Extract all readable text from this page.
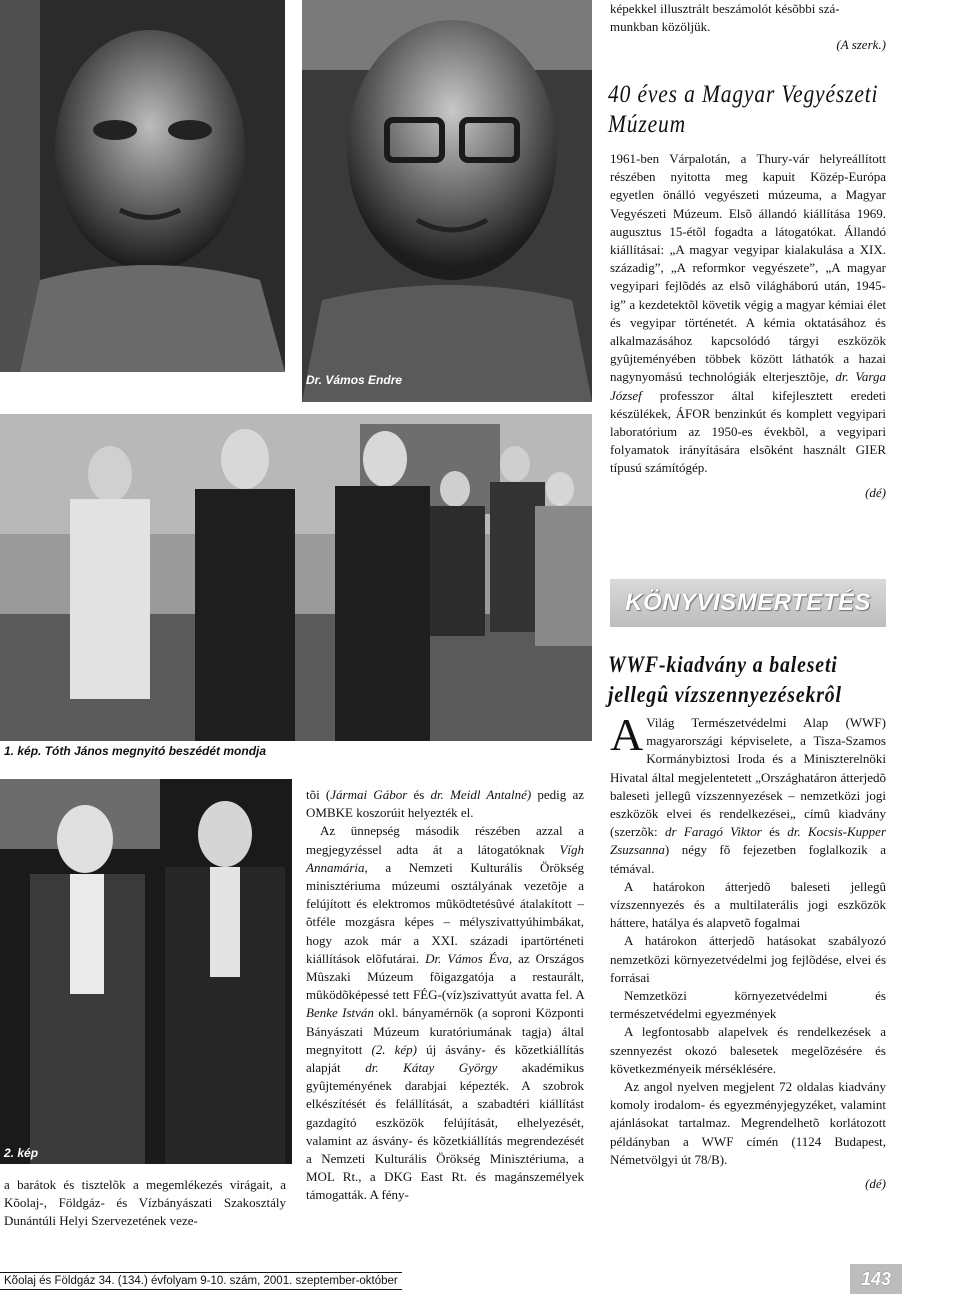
Dr. Szilas A. Pál	Dr. Vámos Endre
1. kép. Tóth János megnyitó beszédét mondja
2. kép

a barátok és tisztelõk a megemlékezés virágait, a Kõolaj-, Földgáz- és Vízbányászati Szakosztály Dunántúli Helyi Szervezetének veze-

tõi (Jármai Gábor és dr. Meidl Antalné) pedig az OMBKE koszorúit helyezték el.

Az ünnepség második részében azzal a megjegyzéssel adta át a látogatóknak Vígh Annamária, a Nemzeti Kulturális Örökség minisztériuma múzeumi osztályának vezetõje a felújított és elektromos mûködtetésûvé átalakított – õtféle mozgásra képes – mélyszivattyúhimbákat, hogy azok már a XXI. századi ipartörténeti kiállítások elõfutárai. Dr. Vámos Éva, az Országos Mûszaki Múzeum fõigazgatója a restaurált, mûködõképessé tett FÉG-(víz)szivattyút avatta fel. A Benke István okl. bányamérnök (a soproni Központi Bányászati Múzeum kuratóriumának tagja) által megnyitott (2. kép) új ásvány- és kõzetkiállítás alapját dr. Kátay György akadémikus gyûjteményének darabjai képezték. A szobrok elkészítését és felállítását, a szabadtéri kiállítást gazdagító eszközök felújítását, elhelyezését, valamint az ásvány- és kõzetkiállítás megrendezését a Nemzeti Kulturális Örökség Minisztériuma, a MOL Rt., a DKG East Rt. és magánszemélyek támogatták. A fény-

képekkel illusztrált beszámolót késõbbi szá-
munkban közöljük.
(A szerk.)
40 éves a Magyar Vegyészeti
Múzeum

1961-ben Várpalotán, a Thury-vár helyreállított részében nyitotta meg kapuit Közép-Európa egyetlen önálló vegyészeti múzeuma, a Magyar Vegyészeti Múzeum. Elsõ állandó kiállítása 1969. augusztus 15-étõl fogadta a látogatókat. Állandó kiállításai: „A magyar vegyipar kialakulása a XIX. századig”, „A reformkor vegyészete”, „A magyar vegyipari fejlõdés az elsõ világháború után, 1945-ig” a kezdetektõl követik végig a magyar kémiai élet és vegyipar történetét. A kémia oktatásához és alkalmazásához kapcsolódó tárgyi eszközök gyûjteményében többek között láthatók a hazai nagynyomású technológiák elterjesztõje, dr. Varga József professzor által kifejlesztett eredeti készülékek, ÁFOR benzinkút és komplett vegyipari laboratórium az 1950-es évekbõl, a vegyipari folyamatok irányítására elsõként használt GIER típusú számítógép.

(dé)
KÖNYVISMERTETÉS
WWF-kiadvány a baleseti
jellegû vízszennyezésekrôl

A Világ Természetvédelmi Alap (WWF) magyarországi képviselete, a Tisza-Szamos Kormánybiztosi Iroda és a Miniszterelnöki Hivatal által megjelentetett „Országhatáron átterjedõ baleseti jellegû vízszennyezések – nemzetközi jogi eszközök elvei és rendelkezései„ címû kiadvány (szerzõk: dr Faragó Viktor és dr. Kocsis-Kupper Zsuzsanna) négy fõ fejezetben foglalkozik a témával.

A határokon átterjedõ baleseti jellegû vízszennyezés és a multilaterális jogi eszközök háttere, hatálya és alapvetõ fogalmai

A határokon átterjedõ hatásokat szabályozó nemzetközi környezetvédelmi jog fejlõdése, elvei és forrásai

Nemzetközi környezetvédelmi és természetvédelmi egyezmények

A legfontosabb alapelvek és rendelkezések a szennyezést okozó balesetek megelõzésére és következményeik mérséklésére.

Az angol nyelven megjelent 72 oldalas kiadvány komoly irodalom- és egyezményjegyzéket, valamint ajánlásokat tartalmaz. Megrendelhetõ korlátozott példányban a WWF címén (1124 Budapest, Németvölgyi út 78/B).

(dé)
Kõolaj és Földgáz 34. (134.) évfolyam 9-10. szám, 2001. szeptember-október	143
